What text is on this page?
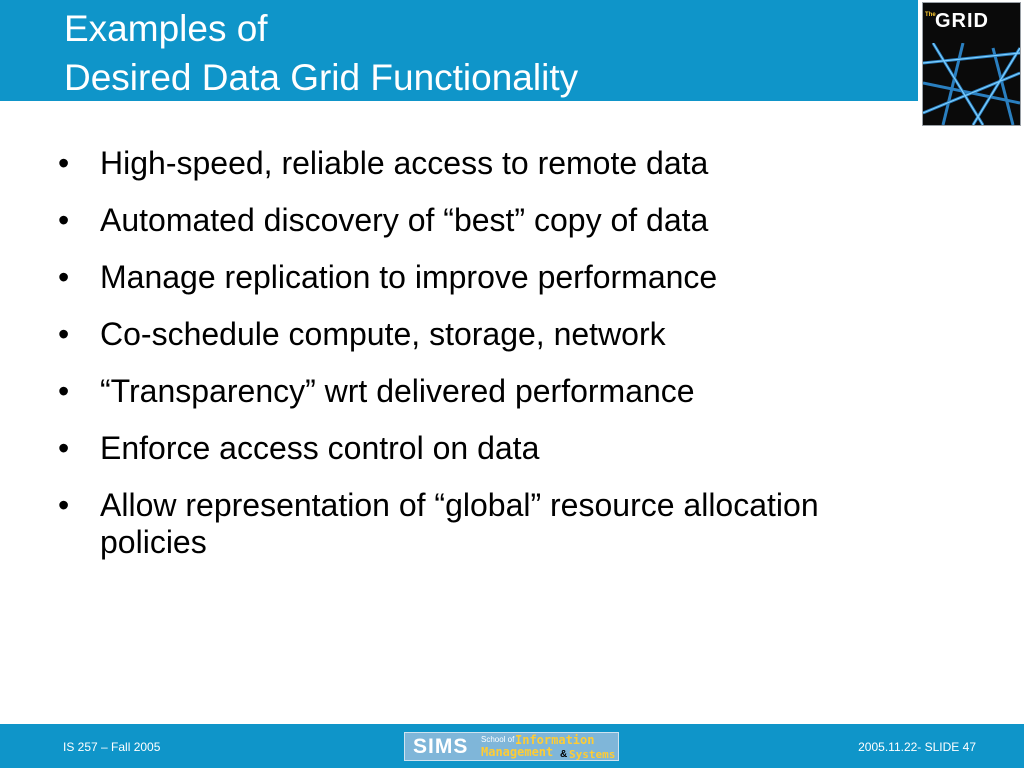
Examples of
Desired Data Grid Functionality
The GRID
• High-speed, reliable access to remote data
• Automated discovery of “best” copy of data
• Manage replication to improve performance
• Co-schedule compute, storage, network
• “Transparency” wrt delivered performance
• Enforce access control on data
• Allow representation of “global” resource allocation policies
IS 257 – Fall 2005	SIMS School of Information
Management & Systems
2005.11.22- SLIDE 47
